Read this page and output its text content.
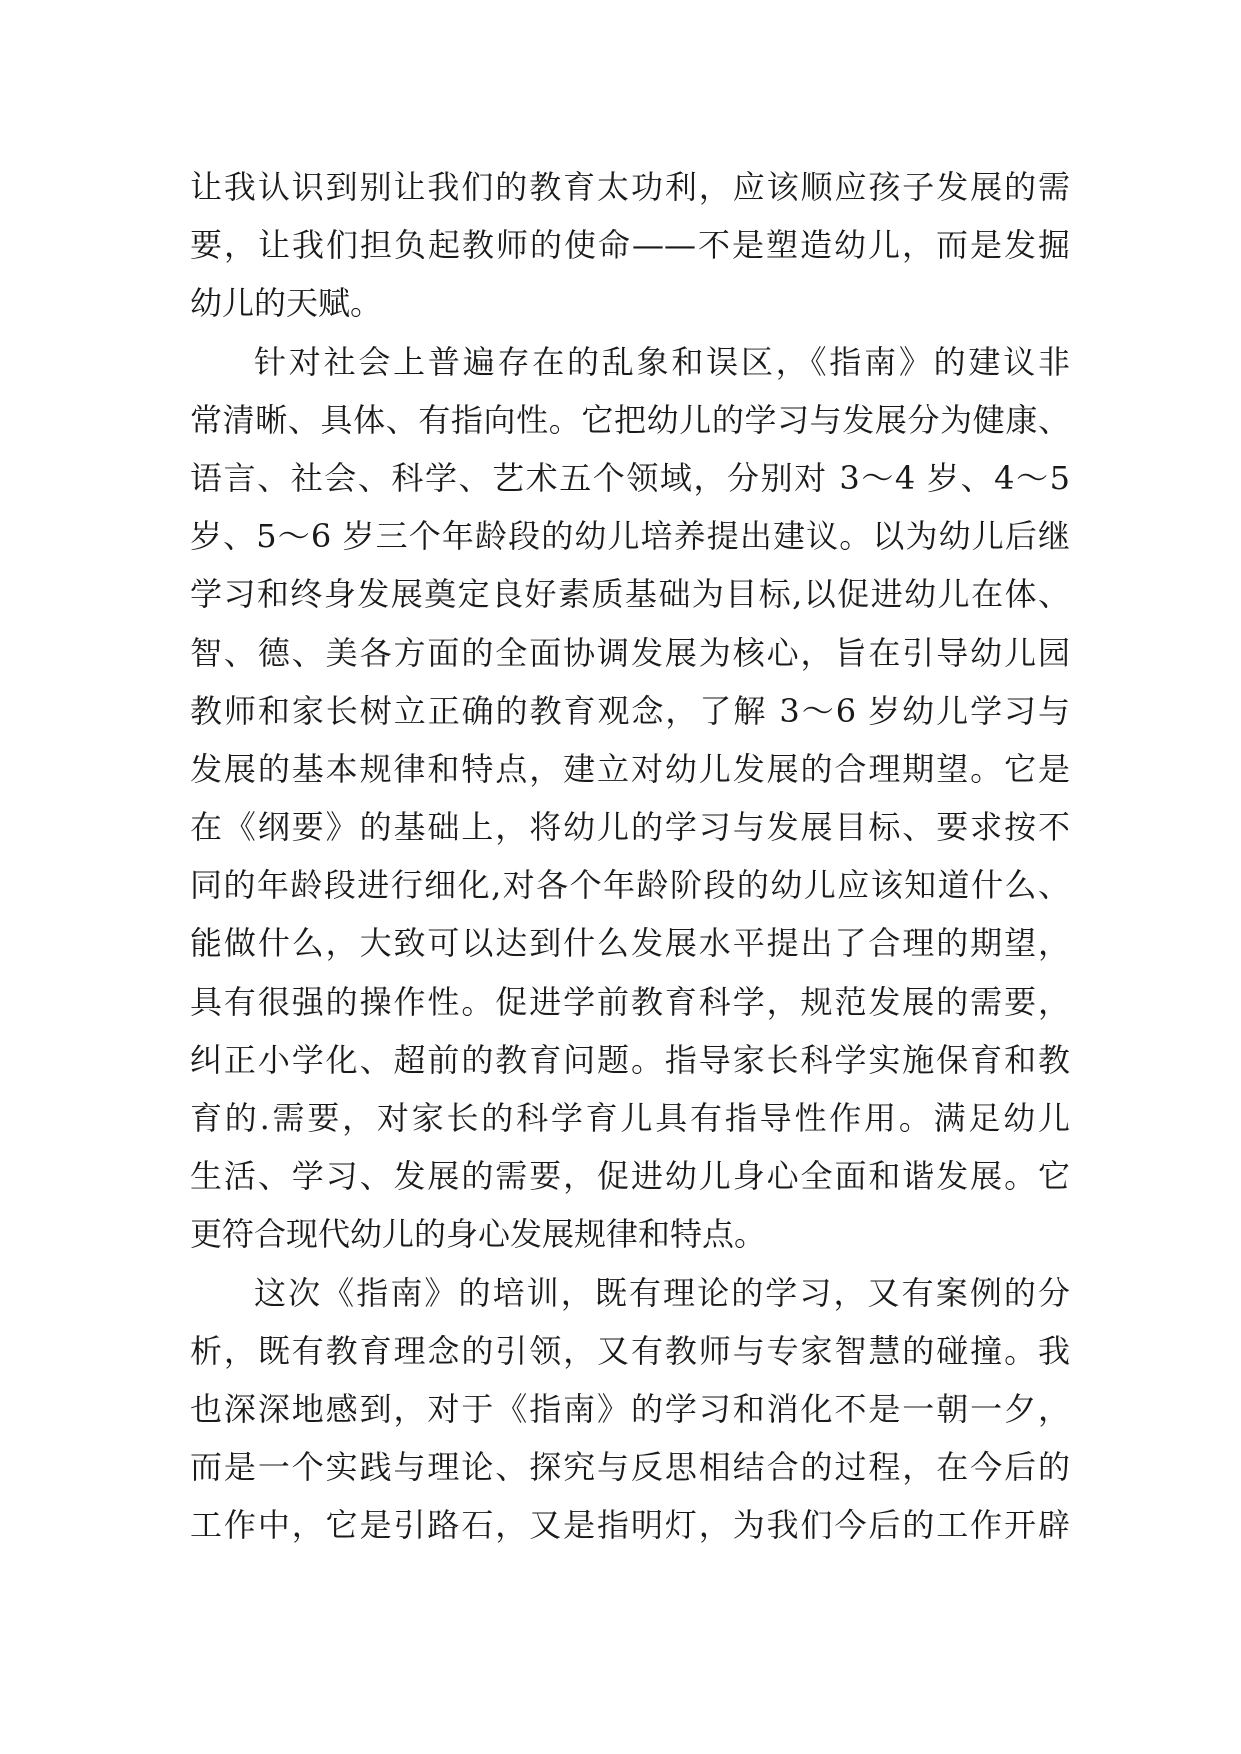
让我认识到别让我们的教育太功利，应该顺应孩子发展的需
要，让我们担负起教师的使命——不是塑造幼儿，而是发掘
幼儿的天赋。
针对社会上普遍存在的乱象和误区，《指南》的建议非
常清晰、具体、有指向性。它把幼儿的学习与发展分为健康、
语言、社会、科学、艺术五个领域，分别对 3～4 岁、4～5
岁、5～6 岁三个年龄段的幼儿培养提出建议。以为幼儿后继
学习和终身发展奠定良好素质基础为目标,以促进幼儿在体、
智、德、美各方面的全面协调发展为核心，旨在引导幼儿园
教师和家长树立正确的教育观念，了解 3～6 岁幼儿学习与
发展的基本规律和特点，建立对幼儿发展的合理期望。它是
在《纲要》的基础上，将幼儿的学习与发展目标、要求按不
同的年龄段进行细化,对各个年龄阶段的幼儿应该知道什么、
能做什么，大致可以达到什么发展水平提出了合理的期望，
具有很强的操作性。促进学前教育科学，规范发展的需要，
纠正小学化、超前的教育问题。指导家长科学实施保育和教
育的.需要，对家长的科学育儿具有指导性作用。满足幼儿
生活、学习、发展的需要，促进幼儿身心全面和谐发展。它
更符合现代幼儿的身心发展规律和特点。
这次《指南》的培训，既有理论的学习，又有案例的分
析，既有教育理念的引领，又有教师与专家智慧的碰撞。我
也深深地感到，对于《指南》的学习和消化不是一朝一夕，
而是一个实践与理论、探究与反思相结合的过程，在今后的
工作中，它是引路石，又是指明灯，为我们今后的工作开辟
